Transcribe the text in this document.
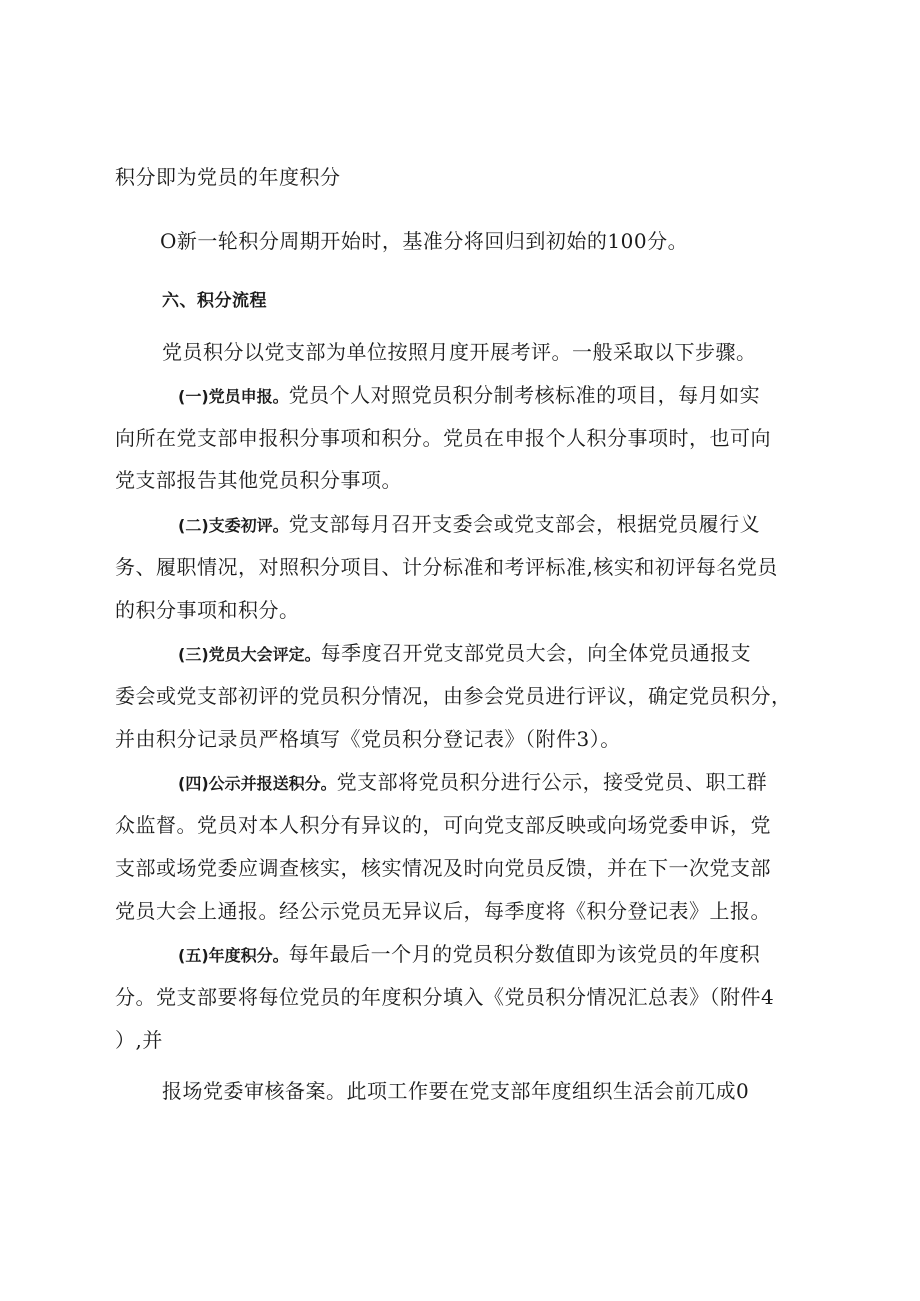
积分即为党员的年度积分
O新一轮积分周期开始时，基准分将回归到初始的100分。
六、积分流程
党员积分以党支部为单位按照月度开展考评。一般采取以下步骤。
(一)党员申报。党员个人对照党员积分制考核标准的项目，每月如实
向所在党支部申报积分事项和积分。党员在申报个人积分事项时，也可向
党支部报告其他党员积分事项。
(二)支委初评。党支部每月召开支委会或党支部会，根据党员履行义
务、履职情况，对照积分项目、计分标准和考评标准,核实和初评每名党员
的积分事项和积分。
(三)党员大会评定。每季度召开党支部党员大会，向全体党员通报支
委会或党支部初评的党员积分情况，由参会党员进行评议，确定党员积分，
并由积分记录员严格填写《党员积分登记表》（附件3）。
(四)公示并报送积分。党支部将党员积分进行公示，接受党员、职工群
众监督。党员对本人积分有异议的，可向党支部反映或向场党委申诉，党
支部或场党委应调查核实，核实情况及时向党员反馈，并在下一次党支部
党员大会上通报。经公示党员无异议后，每季度将《积分登记表》上报。
(五)年度积分。每年最后一个月的党员积分数值即为该党员的年度积
分。党支部要将每位党员的年度积分填入《党员积分情况汇总表》（附件4
）,并
报场党委审核备案。此项工作要在党支部年度组织生活会前兀成0
